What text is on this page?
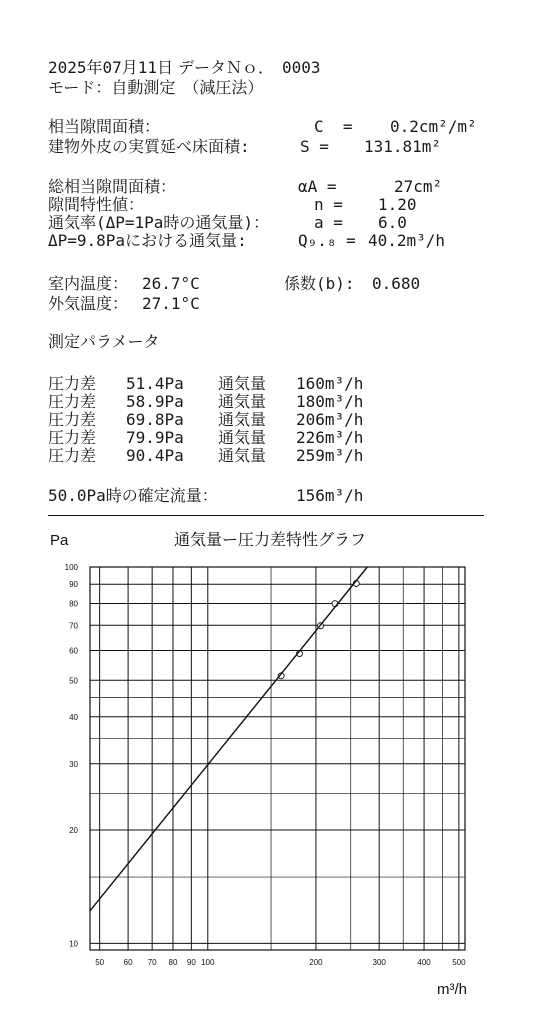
2025年07月11日 データＮｏ．　0003
モード：自動測定　（減圧法）
相当隙間面積：	C  = 0.2cm²/m²
建物外皮の実質延べ床面積:	S = 131.81m²
総相当隙間面積：	αA =	27cm²
隙間特性値：	n = 1.20
通気率(ΔP=1Pa時の通気量)：	a = 6.0
ΔP=9.8Paにおける通気量:	Q₉.₈ = 40.2m³/h
室内温度： 26.7°C	係数(b): 0.680
外気温度： 27.1°C
測定パラメータ
圧力差 51.4Pa 通気量 160m³/h
圧力差 58.9Pa 通気量 180m³/h
圧力差 69.8Pa 通気量 206m³/h
圧力差 79.9Pa 通気量 226m³/h
圧力差 90.4Pa 通気量 259m³/h
50.0Pa時の確定流量：	156m³/h
Pa	通気量ー圧力差特性グラフ
50 60 70 80 90 100	200	300	400	500
10
20
30
40
50
60
70
80
90
100
m³/h
